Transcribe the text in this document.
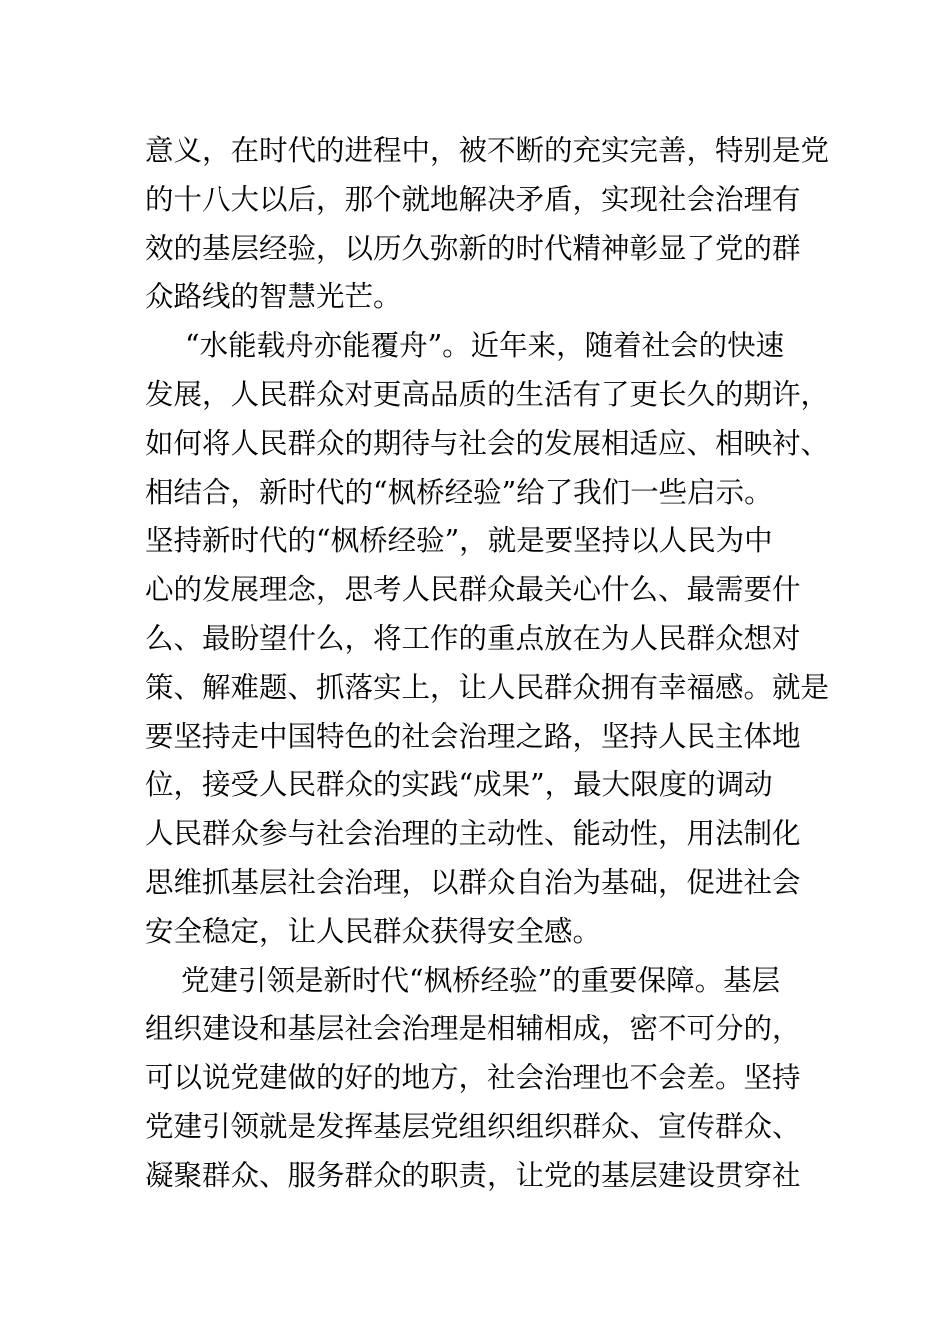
意义，在时代的进程中，被不断的充实完善，特别是党
的十八大以后，那个就地解决矛盾，实现社会治理有
效的基层经验，以历久弥新的时代精神彰显了党的群
众路线的智慧光芒。
“水能载舟亦能覆舟”。近年来，随着社会的快速
发展，人民群众对更高品质的生活有了更长久的期许，
如何将人民群众的期待与社会的发展相适应、相映衬、
相结合，新时代的“枫桥经验”给了我们一些启示。
坚持新时代的“枫桥经验”，就是要坚持以人民为中
心的发展理念，思考人民群众最关心什么、最需要什
么、最盼望什么，将工作的重点放在为人民群众想对
策、解难题、抓落实上，让人民群众拥有幸福感。就是
要坚持走中国特色的社会治理之路，坚持人民主体地
位，接受人民群众的实践“成果”，最大限度的调动
人民群众参与社会治理的主动性、能动性，用法制化
思维抓基层社会治理，以群众自治为基础，促进社会
安全稳定，让人民群众获得安全感。
党建引领是新时代“枫桥经验”的重要保障。基层
组织建设和基层社会治理是相辅相成，密不可分的，
可以说党建做的好的地方，社会治理也不会差。坚持
党建引领就是发挥基层党组织组织群众、宣传群众、
凝聚群众、服务群众的职责，让党的基层建设贯穿社
